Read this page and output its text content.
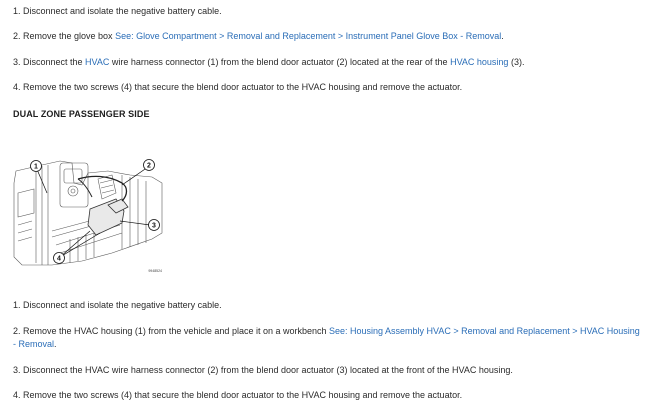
1. Disconnect and isolate the negative battery cable.
2. Remove the glove box See: Glove Compartment > Removal and Replacement > Instrument Panel Glove Box - Removal.
3. Disconnect the HVAC wire harness connector (1) from the blend door actuator (2) located at the rear of the HVAC housing (3).
4. Remove the two screws (4) that secure the blend door actuator to the HVAC housing and remove the actuator.
DUAL ZONE PASSENGER SIDE
1	2
3
4
9948524
1. Disconnect and isolate the negative battery cable.
2. Remove the HVAC housing (1) from the vehicle and place it on a workbench See: Housing Assembly HVAC > Removal and Replacement > HVAC Housing - Removal.
3. Disconnect the HVAC wire harness connector (2) from the blend door actuator (3) located at the front of the HVAC housing.
4. Remove the two screws (4) that secure the blend door actuator to the HVAC housing and remove the actuator.
